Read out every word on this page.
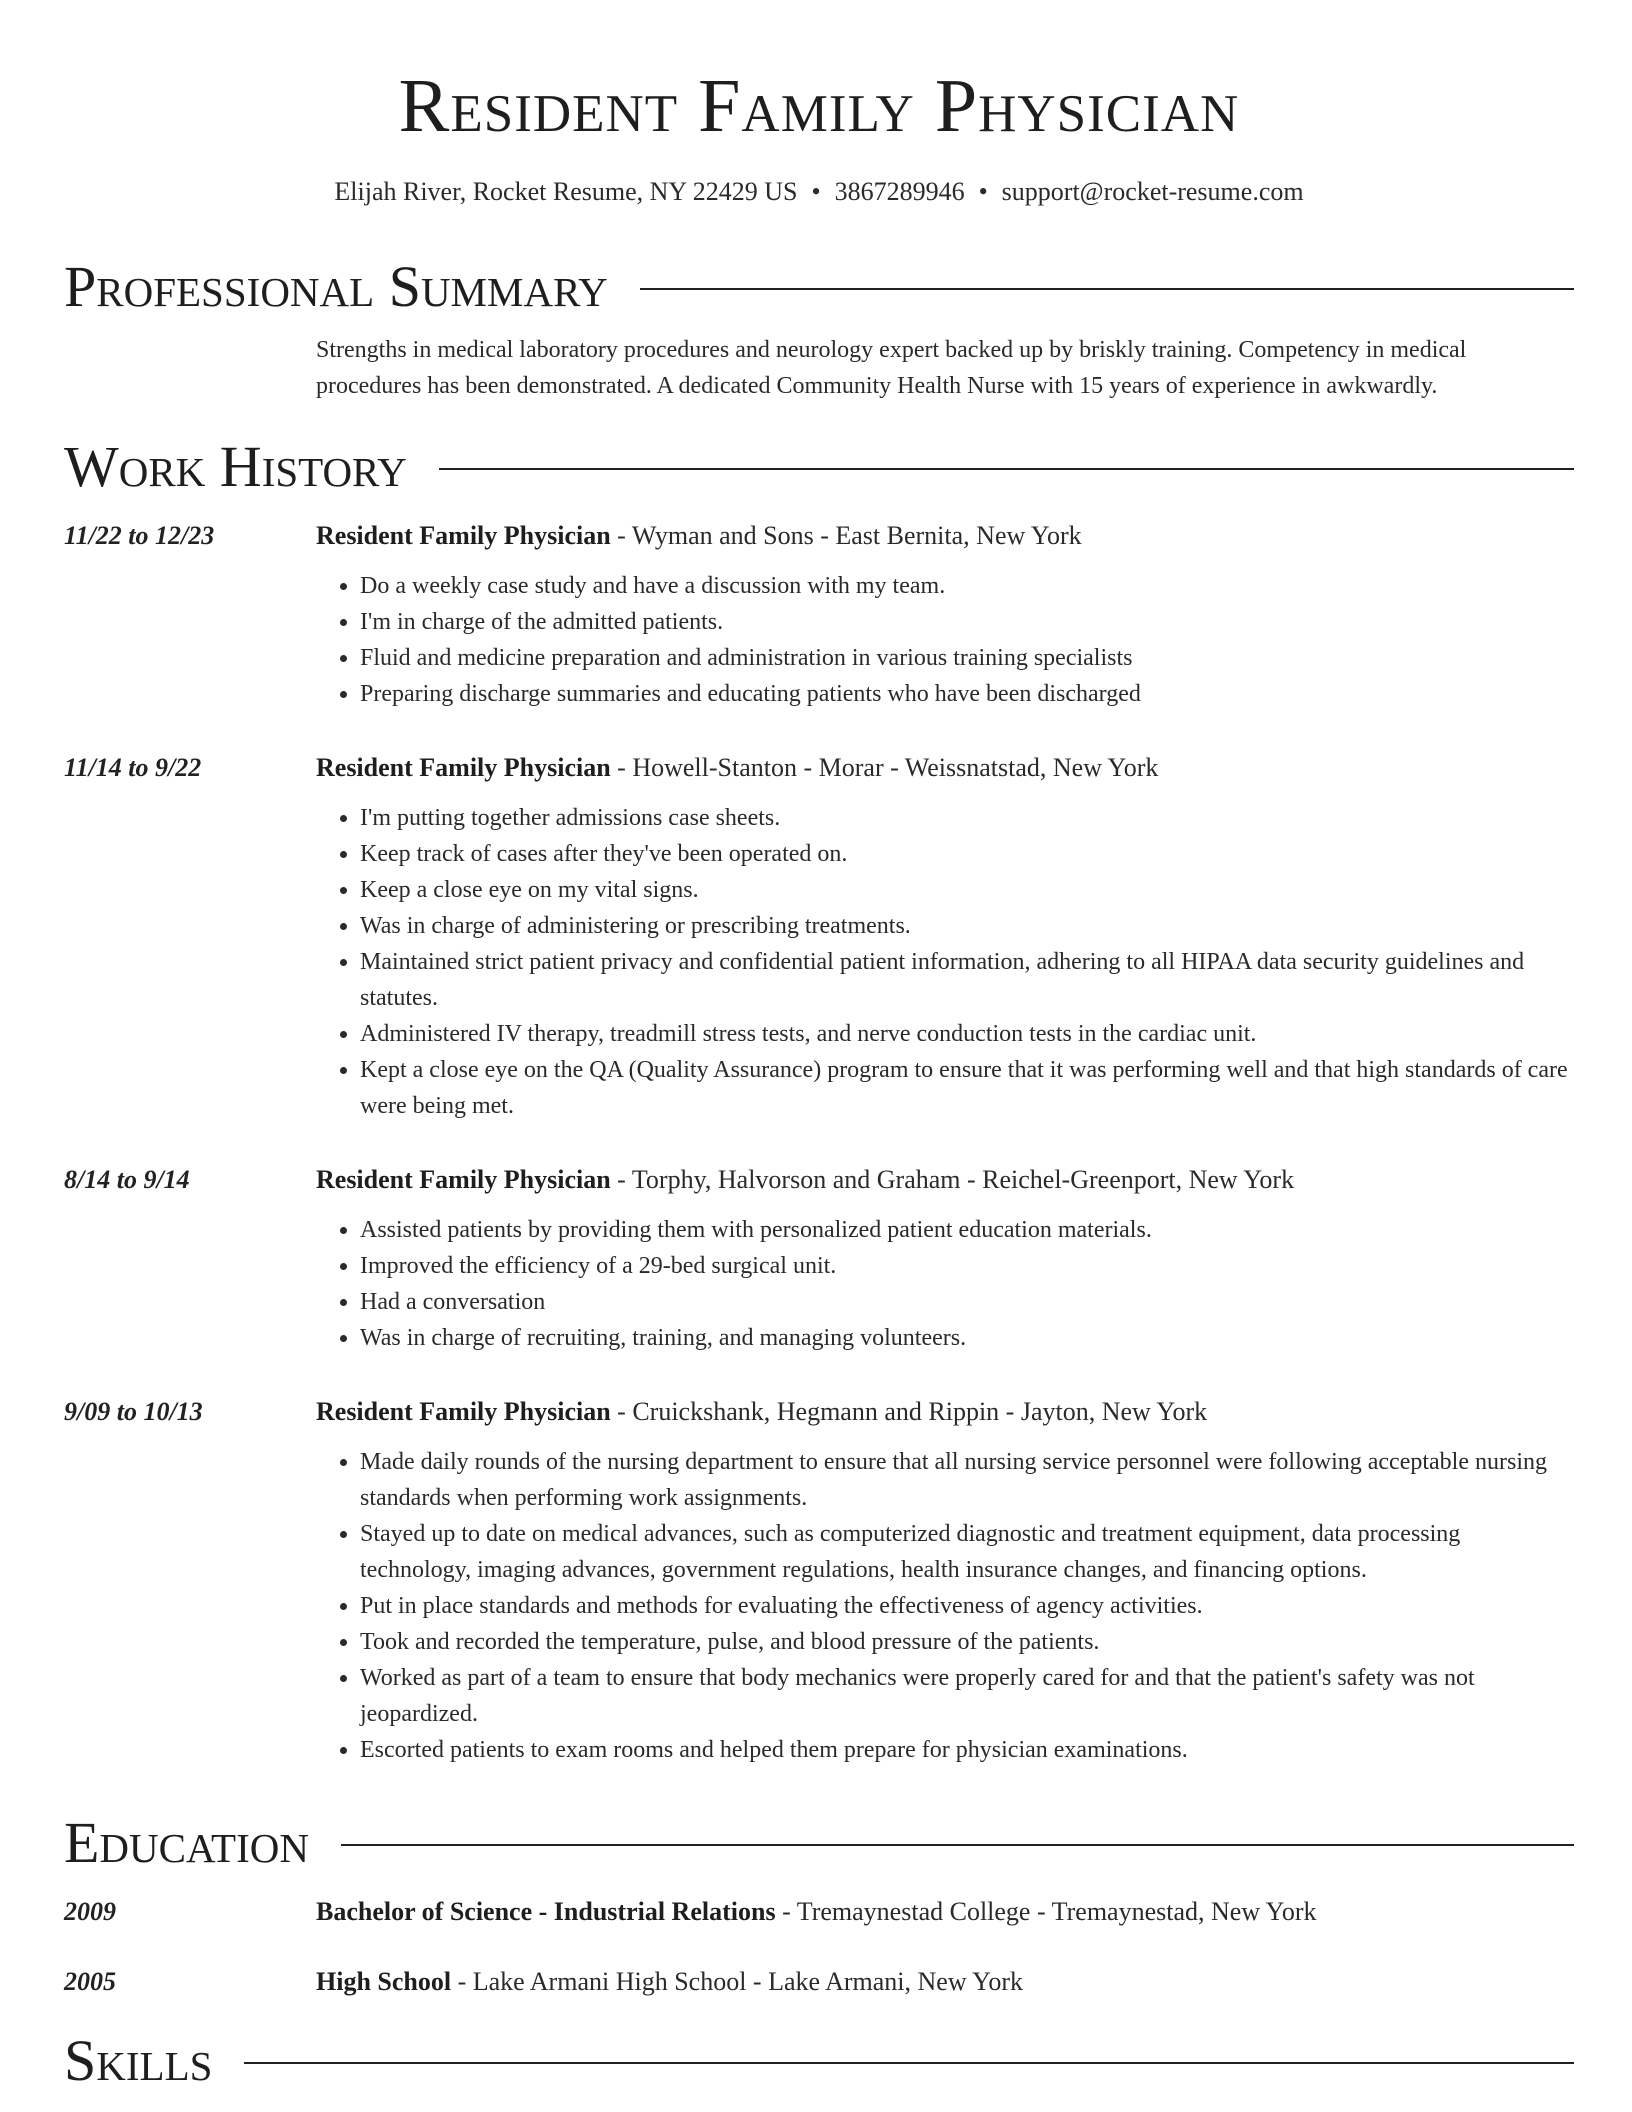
Resident Family Physician
Elijah River, Rocket Resume, NY 22429 US • 3867289946 • support@rocket-resume.com
Professional Summary
Strengths in medical laboratory procedures and neurology expert backed up by briskly training. Competency in medical procedures has been demonstrated. A dedicated Community Health Nurse with 15 years of experience in awkwardly.
Work History
11/22 to 12/23	Resident Family Physician - Wyman and Sons - East Bernita, New York
• Do a weekly case study and have a discussion with my team.
• I'm in charge of the admitted patients.
• Fluid and medicine preparation and administration in various training specialists
• Preparing discharge summaries and educating patients who have been discharged
11/14 to 9/22	Resident Family Physician - Howell-Stanton - Morar - Weissnatstad, New York
• I'm putting together admissions case sheets.
• Keep track of cases after they've been operated on.
• Keep a close eye on my vital signs.
• Was in charge of administering or prescribing treatments.
• Maintained strict patient privacy and confidential patient information, adhering to all HIPAA data security guidelines and statutes.
• Administered IV therapy, treadmill stress tests, and nerve conduction tests in the cardiac unit.
• Kept a close eye on the QA (Quality Assurance) program to ensure that it was performing well and that high standards of care were being met.
8/14 to 9/14	Resident Family Physician - Torphy, Halvorson and Graham - Reichel-Greenport, New York
• Assisted patients by providing them with personalized patient education materials.
• Improved the efficiency of a 29-bed surgical unit.
• Had a conversation
• Was in charge of recruiting, training, and managing volunteers.
9/09 to 10/13	Resident Family Physician - Cruickshank, Hegmann and Rippin - Jayton, New York
• Made daily rounds of the nursing department to ensure that all nursing service personnel were following acceptable nursing standards when performing work assignments.
• Stayed up to date on medical advances, such as computerized diagnostic and treatment equipment, data processing technology, imaging advances, government regulations, health insurance changes, and financing options.
• Put in place standards and methods for evaluating the effectiveness of agency activities.
• Took and recorded the temperature, pulse, and blood pressure of the patients.
• Worked as part of a team to ensure that body mechanics were properly cared for and that the patient's safety was not jeopardized.
• Escorted patients to exam rooms and helped them prepare for physician examinations.
Education
2009	Bachelor of Science - Industrial Relations - Tremaynestad College - Tremaynestad, New York
2005	High School - Lake Armani High School - Lake Armani, New York
Skills
